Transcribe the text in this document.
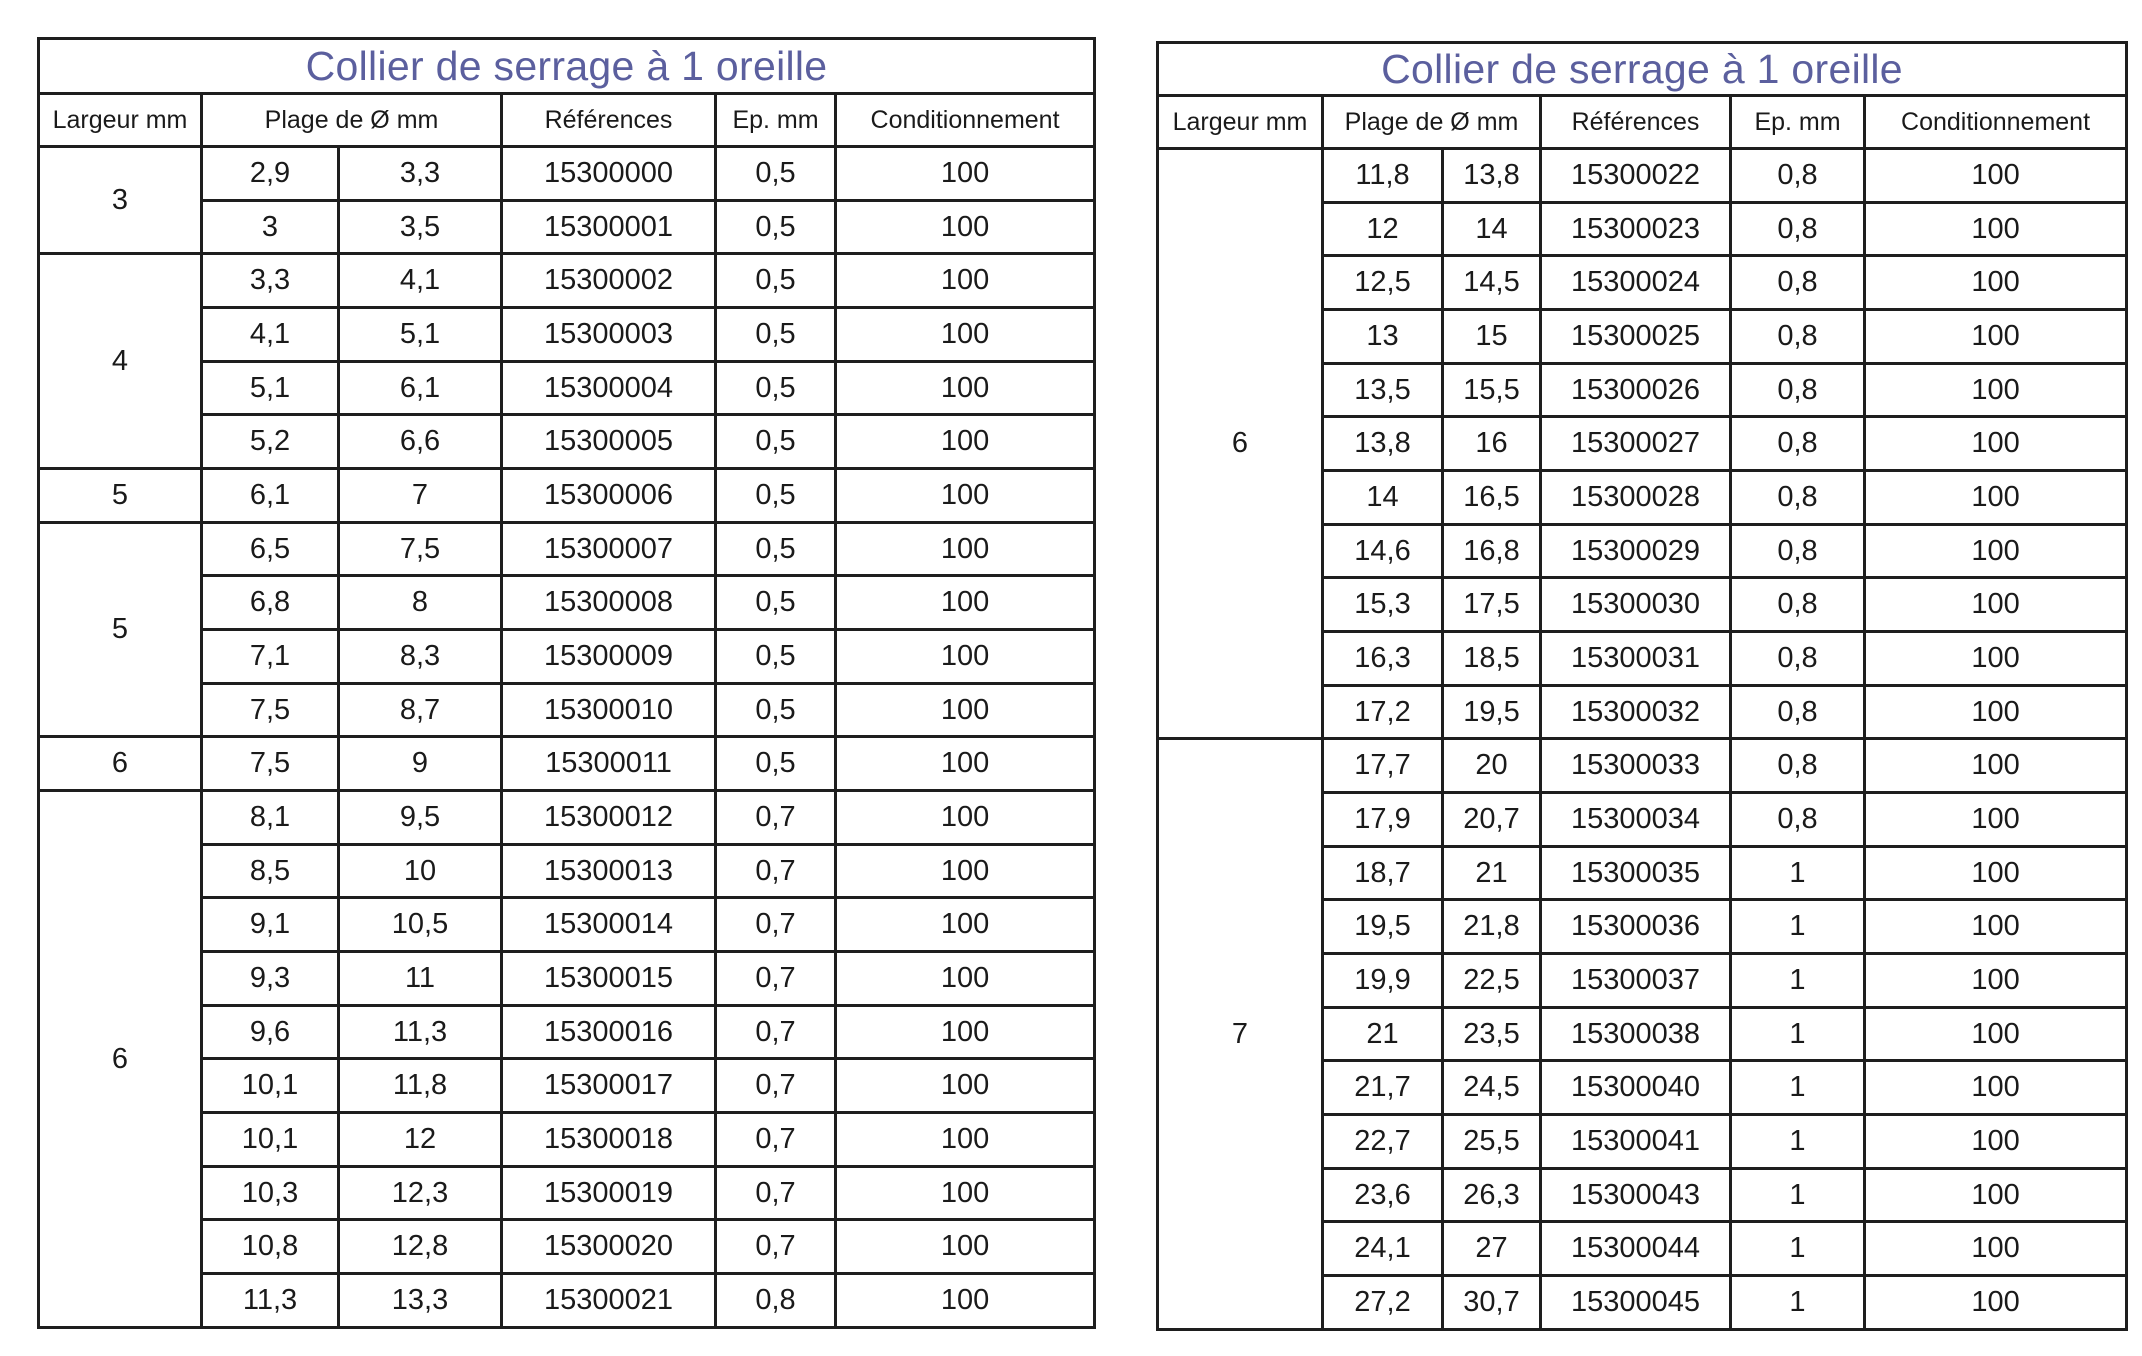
Collier de serrage à 1 oreille					
Largeur mm	Plage de Ø mm		Références	Ep. mm	Conditionnement
3	2,9	3,3	15300000	0,5	100
	3	3,5	15300001	0,5	100
4	3,3	4,1	15300002	0,5	100
	4,1	5,1	15300003	0,5	100
	5,1	6,1	15300004	0,5	100
	5,2	6,6	15300005	0,5	100
5	6,1	7	15300006	0,5	100
5	6,5	7,5	15300007	0,5	100
	6,8	8	15300008	0,5	100
	7,1	8,3	15300009	0,5	100
	7,5	8,7	15300010	0,5	100
6	7,5	9	15300011	0,5	100
6	8,1	9,5	15300012	0,7	100
	8,5	10	15300013	0,7	100
	9,1	10,5	15300014	0,7	100
	9,3	11	15300015	0,7	100
	9,6	11,3	15300016	0,7	100
	10,1	11,8	15300017	0,7	100
	10,1	12	15300018	0,7	100
	10,3	12,3	15300019	0,7	100
	10,8	12,8	15300020	0,7	100
	11,3	13,3	15300021	0,8	100
Collier de serrage à 1 oreille					
Largeur mm	Plage de Ø mm		Références	Ep. mm	Conditionnement
6	11,8	13,8	15300022	0,8	100
	12	14	15300023	0,8	100
	12,5	14,5	15300024	0,8	100
	13	15	15300025	0,8	100
	13,5	15,5	15300026	0,8	100
	13,8	16	15300027	0,8	100
	14	16,5	15300028	0,8	100
	14,6	16,8	15300029	0,8	100
	15,3	17,5	15300030	0,8	100
	16,3	18,5	15300031	0,8	100
	17,2	19,5	15300032	0,8	100
7	17,7	20	15300033	0,8	100
	17,9	20,7	15300034	0,8	100
	18,7	21	15300035	1	100
	19,5	21,8	15300036	1	100
	19,9	22,5	15300037	1	100
	21	23,5	15300038	1	100
	21,7	24,5	15300040	1	100
	22,7	25,5	15300041	1	100
	23,6	26,3	15300043	1	100
	24,1	27	15300044	1	100
	27,2	30,7	15300045	1	100
